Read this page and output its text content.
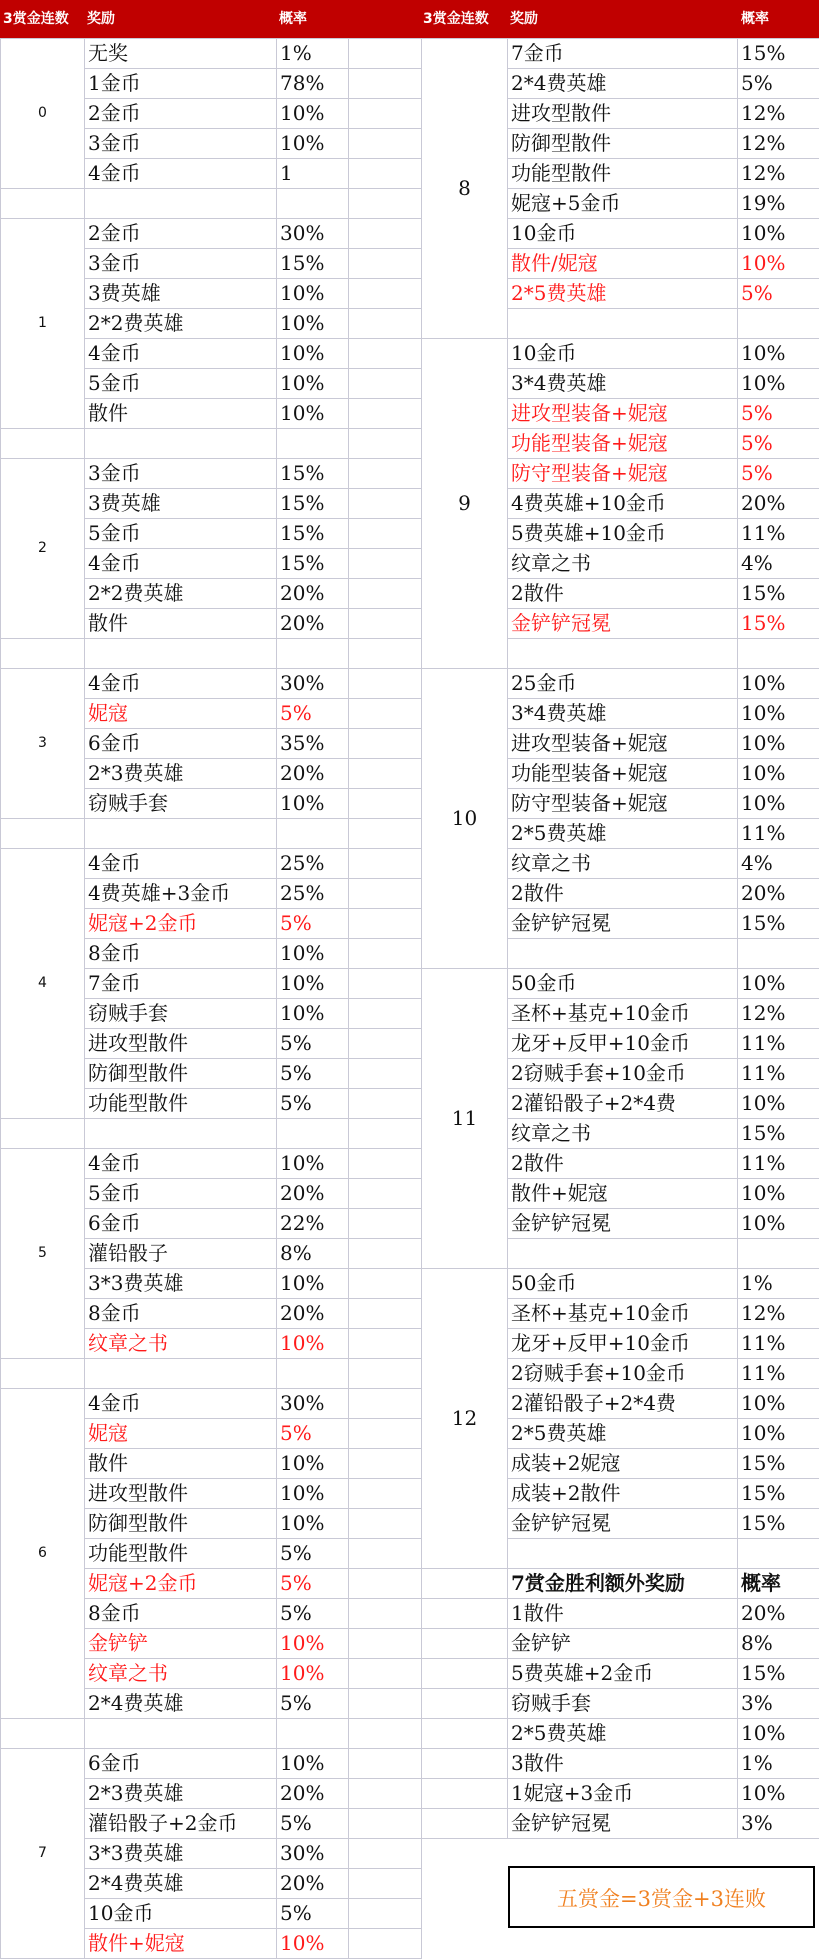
3赏金连数 奖励	概率	3赏金连数 奖励	概率
0	无奖	1%	
	1金币	78%	
	2金币	10%	
	3金币	10%	
	4金币	1	

1	2金币	30%	
	3金币	15%	
	3费英雄	10%	
	2*2费英雄	10%	
	4金币	10%	
	5金币	10%	
	散件	10%	

2	3金币	15%	
	3费英雄	15%	
	5金币	15%	
	4金币	15%	
	2*2费英雄	20%	
	散件	20%	

3	4金币	30%	
	妮寇	5%	
	6金币	35%	
	2*3费英雄	20%	
	窃贼手套	10%	

4	4金币	25%	
	4费英雄+3金币	25%	
	妮寇+2金币	5%	
	8金币	10%	
	7金币	10%	
	窃贼手套	10%	
	进攻型散件	5%	
	防御型散件	5%	
	功能型散件	5%	

5	4金币	10%	
	5金币	20%	
	6金币	22%	
	灌铅骰子	8%	
	3*3费英雄	10%	
	8金币	20%	
	纹章之书	10%	

6	4金币	30%	
	妮寇	5%	
	散件	10%	
	进攻型散件	10%	
	防御型散件	10%	
	功能型散件	5%	
	妮寇+2金币	5%	
	8金币	5%	
	金铲铲	10%	
	纹章之书	10%	
	2*4费英雄	5%	

7	6金币	10%	
	2*3费英雄	20%	
	灌铅骰子+2金币	5%	
	3*3费英雄	30%	
	2*4费英雄	20%	
	10金币	5%	
	散件+妮寇	10%	
8	7金币	15%
	2*4费英雄	5%
	进攻型散件	12%
	防御型散件	12%
	功能型散件	12%
	妮寇+5金币	19%
	10金币	10%
	散件/妮寇	10%
	2*5费英雄	5%

9	10金币	10%
	3*4费英雄	10%
	进攻型装备+妮寇	5%
	功能型装备+妮寇	5%
	防守型装备+妮寇	5%
	4费英雄+10金币	20%
	5费英雄+10金币	11%
	纹章之书	4%
	2散件	15%
	金铲铲冠冕	15%

10	25金币	10%
	3*4费英雄	10%
	进攻型装备+妮寇	10%
	功能型装备+妮寇	10%
	防守型装备+妮寇	10%
	2*5费英雄	11%
	纹章之书	4%
	2散件	20%
	金铲铲冠冕	15%

11	50金币	10%
	圣杯+基克+10金币	12%
	龙牙+反甲+10金币	11%
	2窃贼手套+10金币	11%
	2灌铅骰子+2*4费	10%
	纹章之书	15%
	2散件	11%
	散件+妮寇	10%
	金铲铲冠冕	10%

12	50金币	1%
	圣杯+基克+10金币	12%
	龙牙+反甲+10金币	11%
	2窃贼手套+10金币	11%
	2灌铅骰子+2*4费	10%
	2*5费英雄	10%
	成装+2妮寇	15%
	成装+2散件	15%
	金铲铲冠冕	15%

	7赏金胜利额外奖励	概率
	1散件	20%
	金铲铲	8%
	5费英雄+2金币	15%
	窃贼手套	3%
	2*5费英雄	10%
	3散件	1%
	1妮寇+3金币	10%
	金铲铲冠冕	3%
五赏金=3赏金+3连败
